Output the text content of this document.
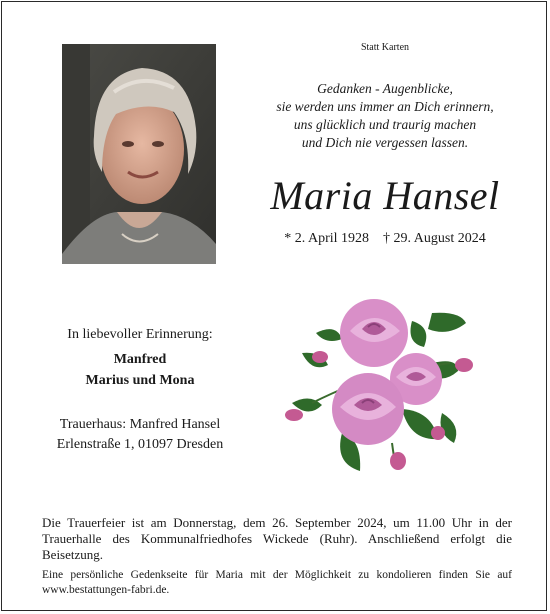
Statt Karten
Gedanken - Augenblicke,
sie werden uns immer an Dich erinnern,
uns glücklich und traurig machen
und Dich nie vergessen lassen.
Maria Hansel
* 2. April 1928 † 29. August 2024
In liebevoller Erinnerung:
Manfred
Marius und Mona
Trauerhaus: Manfred Hansel
Erlenstraße 1, 01097 Dresden
Die Trauerfeier ist am Donnerstag, dem 26. September 2024, um 11.00 Uhr in der Trauerhalle des Kommunalfriedhofes Wickede (Ruhr). Anschließend erfolgt die Beisetzung.
Eine persönliche Gedenkseite für Maria mit der Möglichkeit zu kondolieren finden Sie auf www.bestattungen-fabri.de.
